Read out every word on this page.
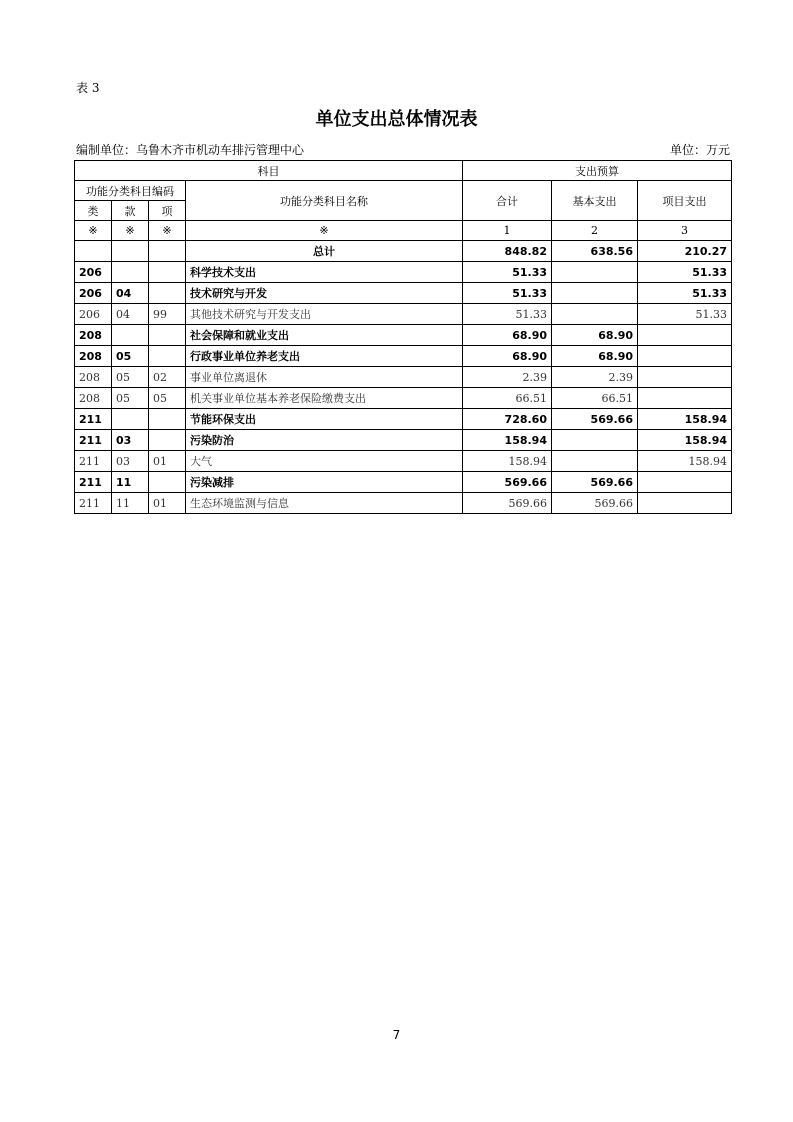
表 3
单位支出总体情况表
编制单位：乌鲁木齐市机动车排污管理中心	单位：万元
科目				支出预算		
功能分类科目编码			功能分类科目名称	合计	基本支出	项目支出
类	款	项				
※	※	※	※	1	2	3
			总计	848.82	638.56	210.27
206			科学技术支出	51.33		51.33
206	04		技术研究与开发	51.33		51.33
206	04	99	其他技术研究与开发支出	51.33		51.33
208			社会保障和就业支出	68.90	68.90	
208	05		行政事业单位养老支出	68.90	68.90	
208	05	02	事业单位离退休	2.39	2.39	
208	05	05	机关事业单位基本养老保险缴费支出	66.51	66.51	
211			节能环保支出	728.60	569.66	158.94
211	03		污染防治	158.94		158.94
211	03	01	大气	158.94		158.94
211	11		污染减排	569.66	569.66	
211	11	01	生态环境监测与信息	569.66	569.66	
7
